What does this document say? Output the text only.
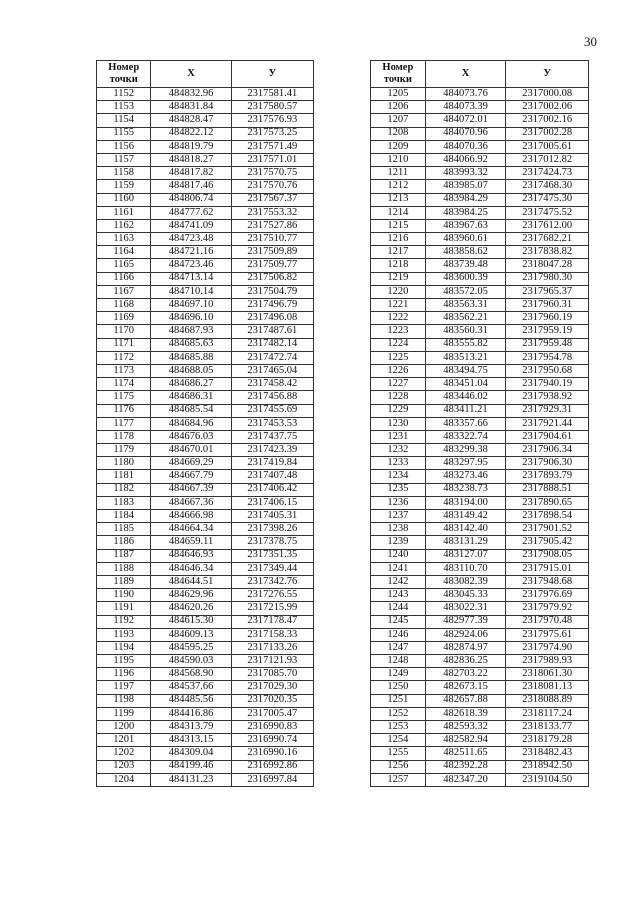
30
Номер
точки	Х	У
1152	484832.96	2317581.41
1153	484831.84	2317580.57
1154	484828.47	2317576.93
1155	484822.12	2317573.25
1156	484819.79	2317571.49
1157	484818.27	2317571.01
1158	484817.82	2317570.75
1159	484817.46	2317570.76
1160	484806.74	2317567.37
1161	484777.62	2317553.32
1162	484741.09	2317527.86
1163	484723.48	2317510.77
1164	484721.16	2317509.89
1165	484723.46	2317509.77
1166	484713.14	2317506.82
1167	484710.14	2317504.79
1168	484697.10	2317496.79
1169	484696.10	2317496.08
1170	484687.93	2317487.61
1171	484685.63	2317482.14
1172	484685.88	2317472.74
1173	484688.05	2317465.04
1174	484686.27	2317458.42
1175	484686.31	2317456.88
1176	484685.54	2317455.69
1177	484684.96	2317453.53
1178	484676.03	2317437.75
1179	484670.01	2317423.39
1180	484669.29	2317419.84
1181	484667.79	2317407.48
1182	484667.39	2317406.42
1183	484667.36	2317406.15
1184	484666.98	2317405.31
1185	484664.34	2317398.26
1186	484659.11	2317378.75
1187	484646.93	2317351.35
1188	484646.34	2317349.44
1189	484644.51	2317342.76
1190	484629.96	2317276.55
1191	484620.26	2317215.99
1192	484615.30	2317178.47
1193	484609.13	2317158.33
1194	484595.25	2317133.26
1195	484590.03	2317121.93
1196	484568.90	2317085.70
1197	484537.66	2317029.30
1198	484485.56	2317020.35
1199	484416.86	2317005.47
1200	484313.79	2316990.83
1201	484313.15	2316990.74
1202	484309.04	2316990.16
1203	484199.46	2316992.86
1204	484131.23	2316997.84
Номер
точки	Х	У
1205	484073.76	2317000.08
1206	484073.39	2317002.06
1207	484072.01	2317002.16
1208	484070.96	2317002.28
1209	484070.36	2317005.61
1210	484066.92	2317012.82
1211	483993.32	2317424.73
1212	483985.07	2317468.30
1213	483984.29	2317475.30
1214	483984.25	2317475.52
1215	483967.63	2317612.00
1216	483960.61	2317682.21
1217	483858.62	2317838.82
1218	483739.48	2318047.28
1219	483600.39	2317980.30
1220	483572.05	2317965.37
1221	483563.31	2317960.31
1222	483562.21	2317960.19
1223	483560.31	2317959.19
1224	483555.82	2317959.48
1225	483513.21	2317954.78
1226	483494.75	2317950.68
1227	483451.04	2317940.19
1228	483446.02	2317938.92
1229	483411.21	2317929.31
1230	483357.66	2317921.44
1231	483322.74	2317904.61
1232	483299.38	2317906.34
1233	483297.95	2317906.30
1234	483273.46	2317893.79
1235	483238.73	2317888.51
1236	483194.00	2317890.65
1237	483149.42	2317898.54
1238	483142.40	2317901.52
1239	483131.29	2317905.42
1240	483127.07	2317908.05
1241	483110.70	2317915.01
1242	483082.39	2317948.68
1243	483045.33	2317976.69
1244	483022.31	2317979.92
1245	482977.39	2317970.48
1246	482924.06	2317975.61
1247	482874.97	2317974.90
1248	482836.25	2317989.93
1249	482703.22	2318061.30
1250	482673.15	2318081.13
1251	482657.88	2318088.89
1252	482618.39	2318117.24
1253	482593.32	2318133.77
1254	482582.94	2318179.28
1255	482511.65	2318482.43
1256	482392.28	2318942.50
1257	482347.20	2319104.50
